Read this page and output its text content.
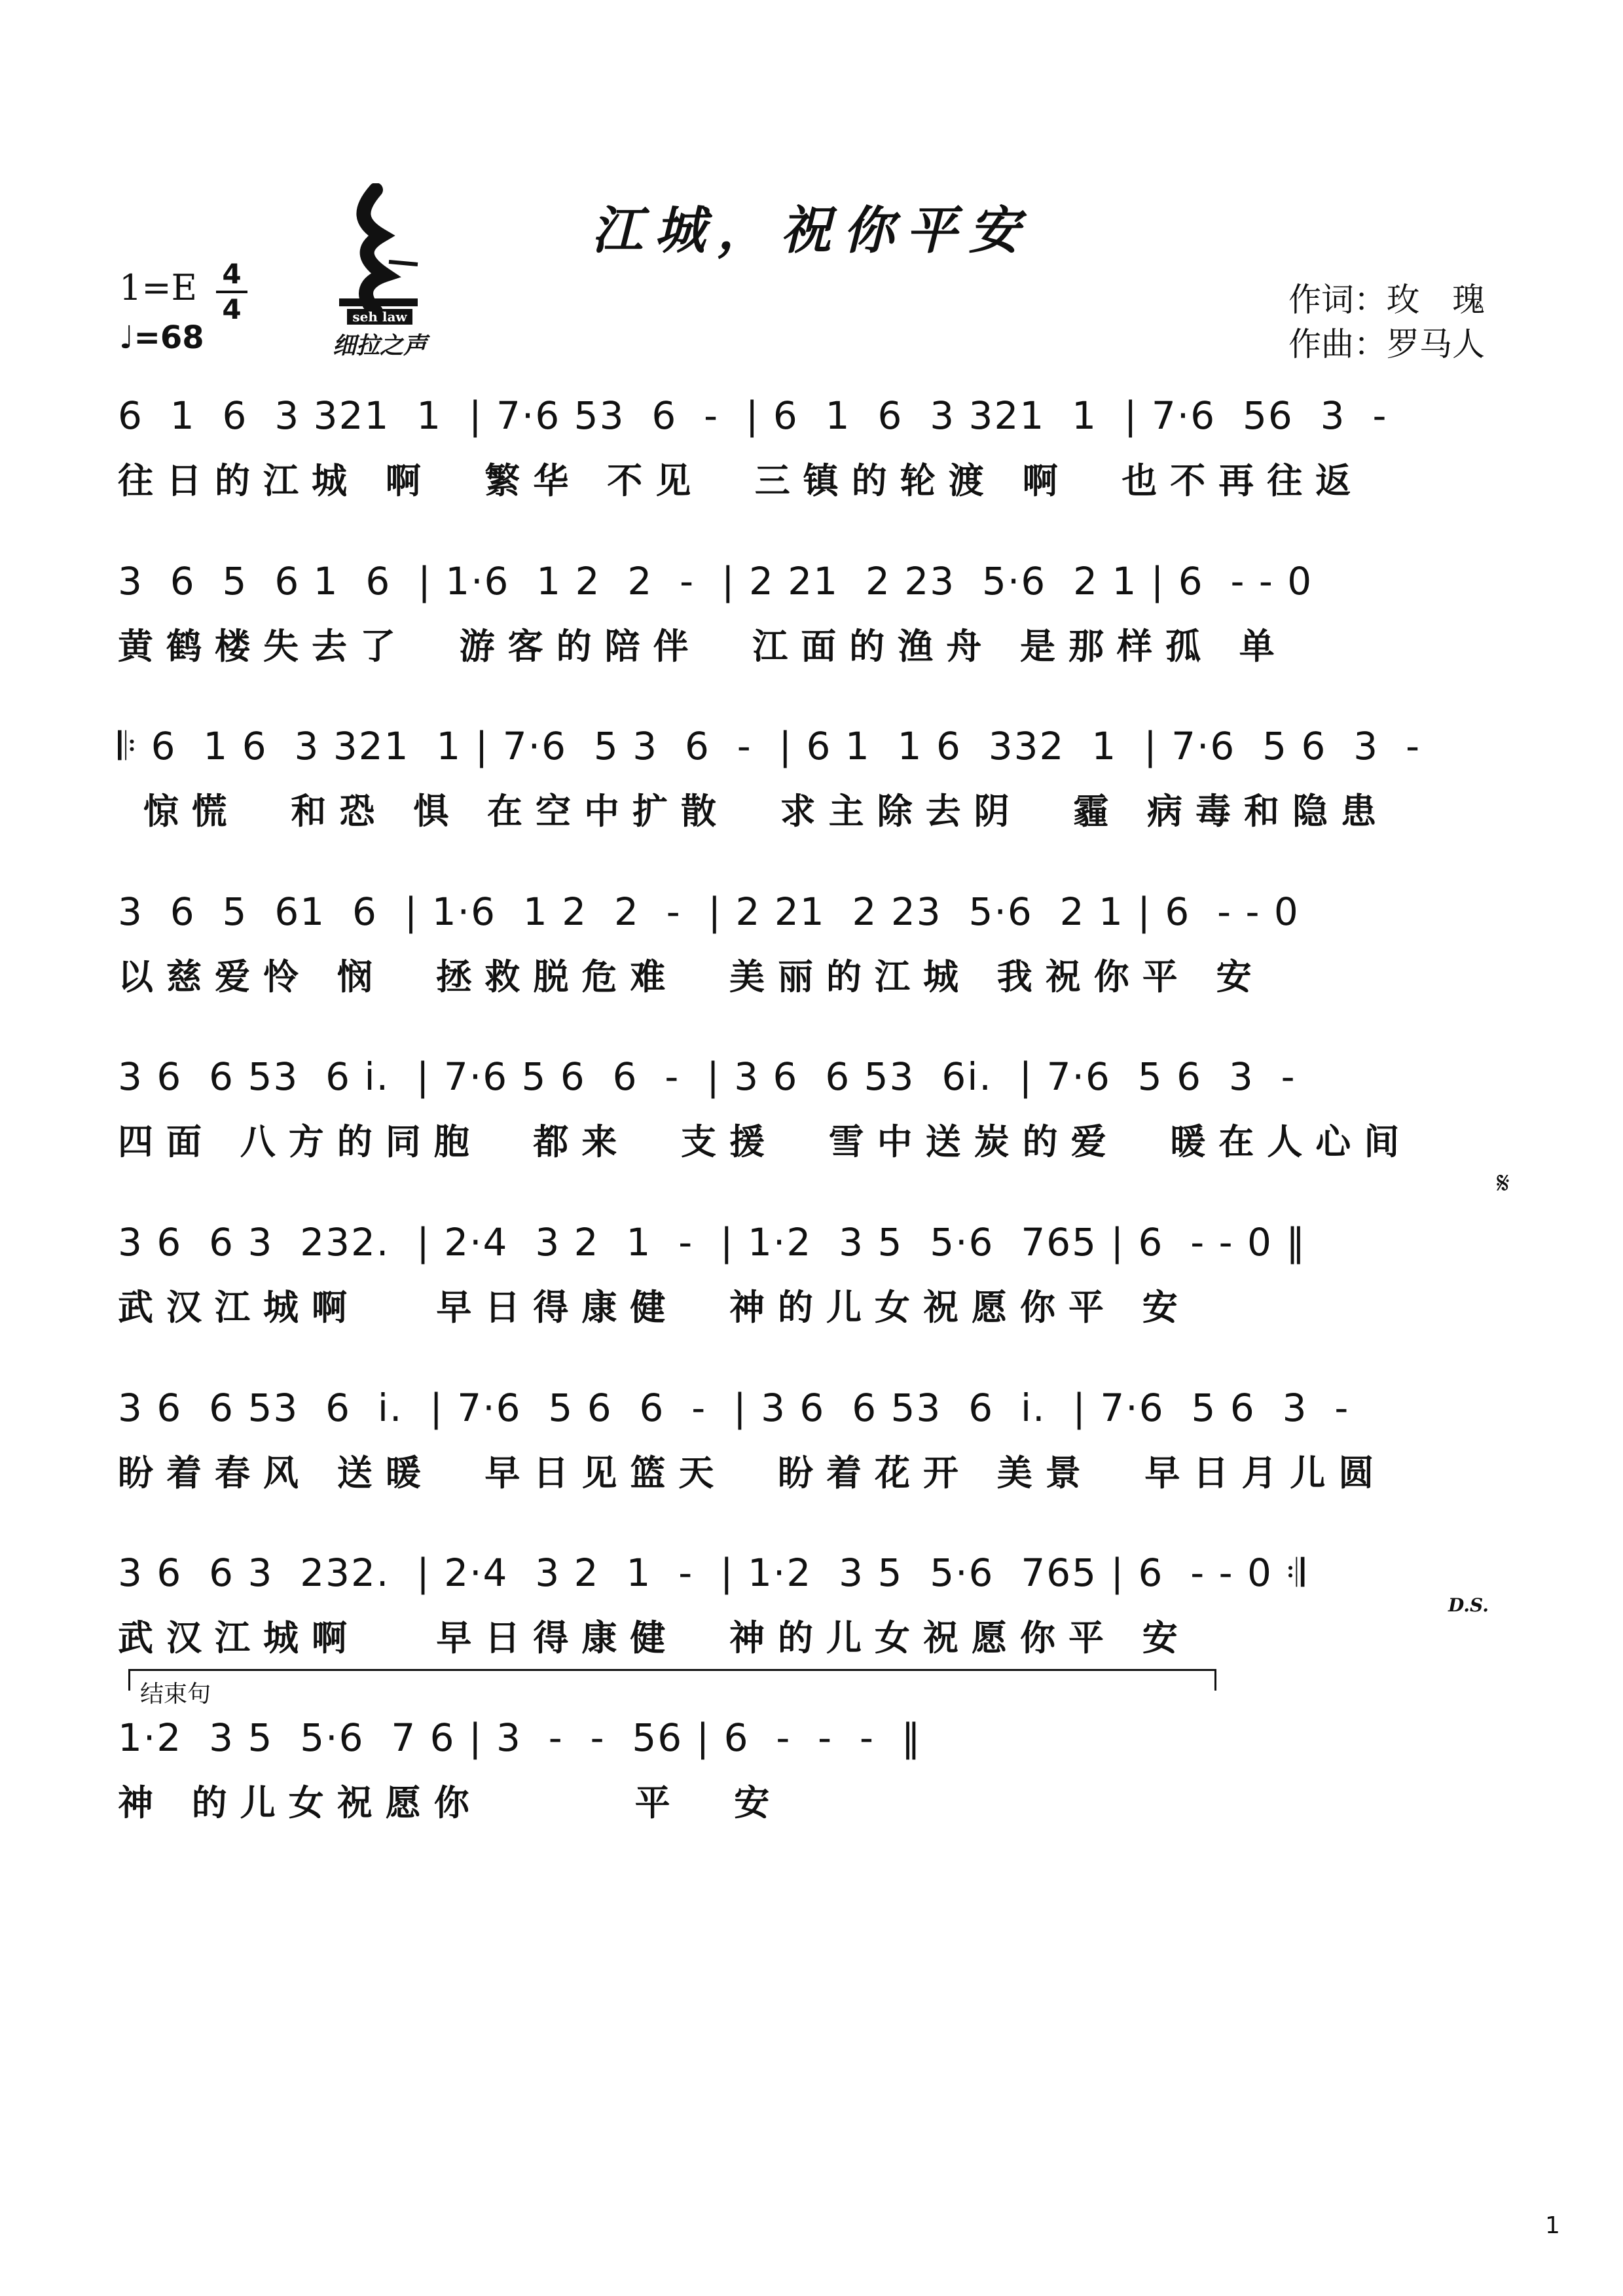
江城，祝你平安
seh law
细拉之声
1=E 4
4
♩=68
作词：玫　瑰
作曲：罗马人
6  1  6  3 321  1  | 7·6 53  6  -  | 6  1  6  3 321  1  | 7·6  56  3  -
往日的江城 啊  繁华 不见  三镇的轮渡 啊  也不再往返
3  6  5  6 1  6  | 1·6  1 2  2  -  | 2 21  2 23  5·6  2 1 | 6  - - 0
黄鹤楼失去了  游客的陪伴  江面的渔舟 是那样孤 单
𝄆 6  1 6  3 321  1 | 7·6  5 3  6  -  | 6 1  1 6  332  1  | 7·6  5 6  3  -
惊慌  和恐 惧 在空中扩散  求主除去阴  霾 病毒和隐患
3  6  5  61  6  | 1·6  1 2  2  -  | 2 21  2 23  5·6  2 1 | 6  - - 0
以慈爱怜 悯  拯救脱危难  美丽的江城 我祝你平 安
3 6  6 53  6 i.  | 7·6 5 6  6  -  | 3 6  6 53  6i.  | 7·6  5 6  3  -
四面 八方的同胞  都来  支援  雪中送炭的爱  暖在人心间
3 6  6 3  232.  | 2·4  3 2  1  -  | 1·2  3 5  5·6  765 | 6  - - 0 ‖
武汉江城啊   早日得康健  神的儿女祝愿你平 安
3 6  6 53  6  i.  | 7·6  5 6  6  -  | 3 6  6 53  6  i.  | 7·6  5 6  3  -
盼着春风 送暖  早日见篮天  盼着花开 美景  早日月儿圆
3 6  6 3  232.  | 2·4  3 2  1  -  | 1·2  3 5  5·6  765 | 6  - - 0 𝄇
武汉江城啊   早日得康健  神的儿女祝愿你平 安
结束句
1·2  3 5  5·6  7 6 | 3  -  -  56 | 6  -  -  -  ‖
神 的儿女祝愿你      平  安
𝄋
D.S.
1
